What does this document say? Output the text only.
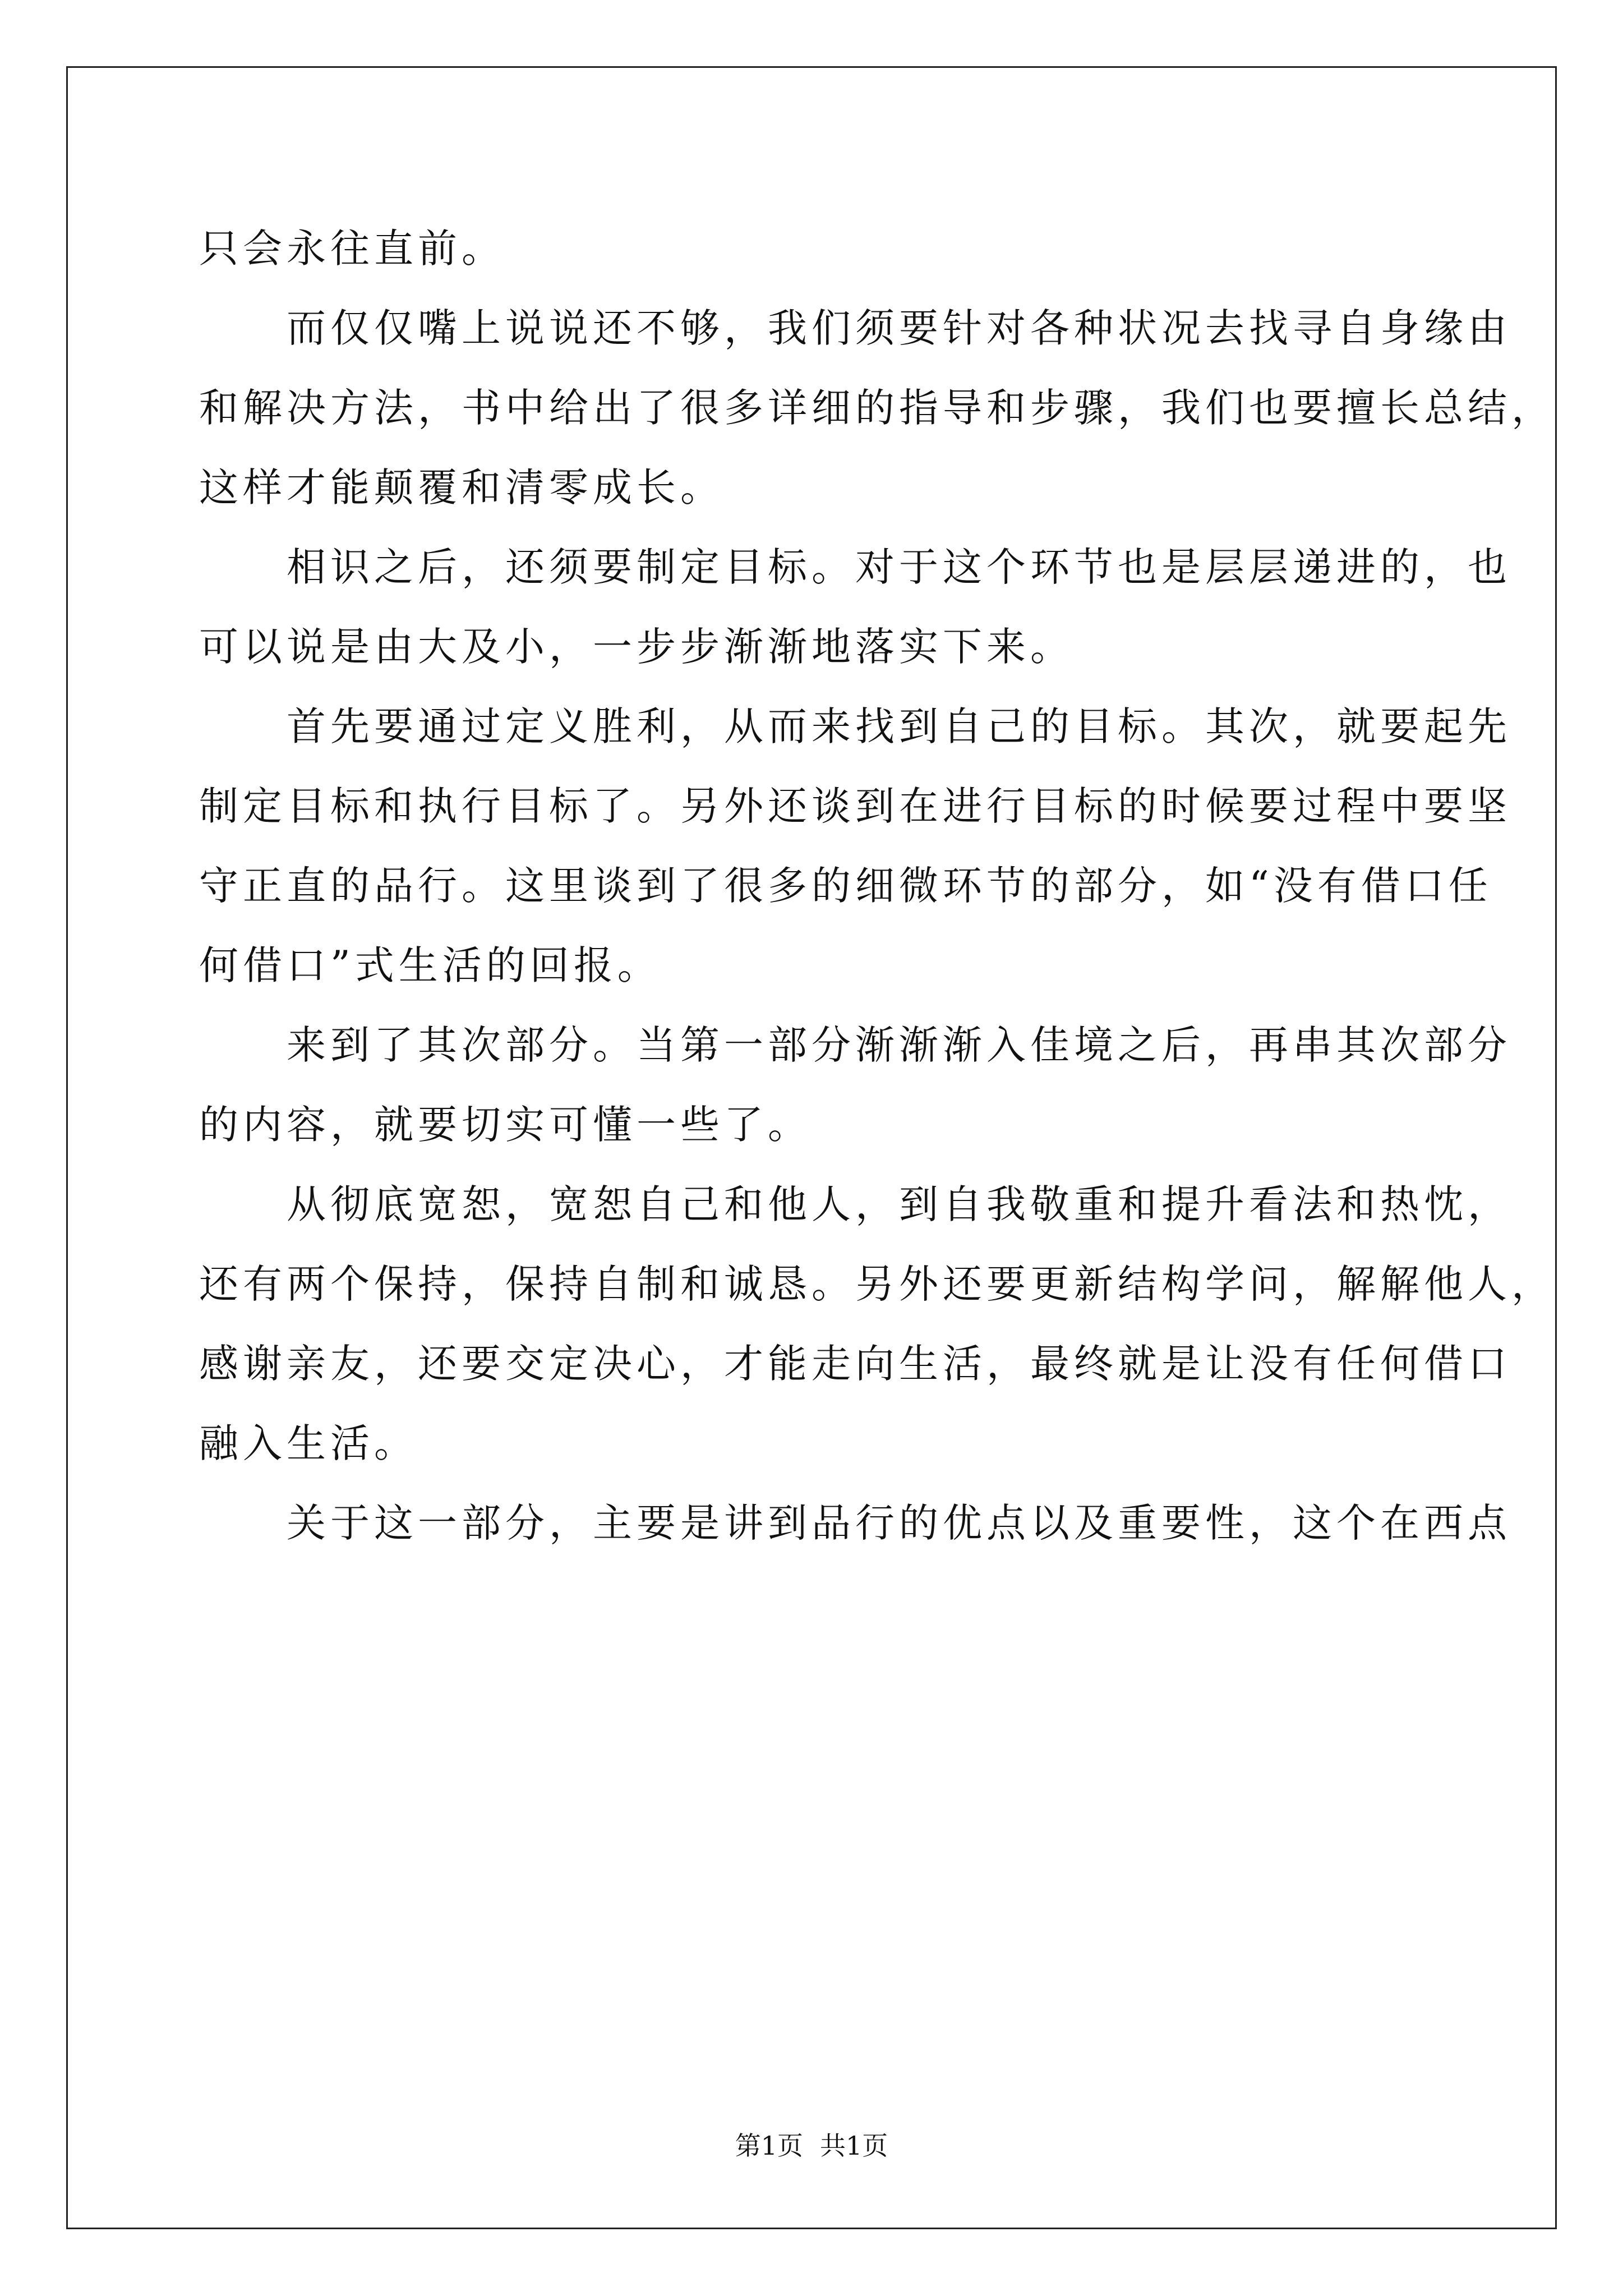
只会永往直前。
　　而仅仅嘴上说说还不够，我们须要针对各种状况去找寻自身缘由
和解决方法，书中给出了很多详细的指导和步骤，我们也要擅长总结，
这样才能颠覆和清零成长。
　　相识之后，还须要制定目标。对于这个环节也是层层递进的，也
可以说是由大及小，一步步渐渐地落实下来。
　　首先要通过定义胜利，从而来找到自己的目标。其次，就要起先
制定目标和执行目标了。另外还谈到在进行目标的时候要过程中要坚
守正直的品行。这里谈到了很多的细微环节的部分，如“没有借口任
何借口”式生活的回报。
　　来到了其次部分。当第一部分渐渐渐入佳境之后，再串其次部分
的内容，就要切实可懂一些了。
　　从彻底宽恕，宽恕自己和他人，到自我敬重和提升看法和热忱，
还有两个保持，保持自制和诚恳。另外还要更新结构学问，解解他人，
感谢亲友，还要交定决心，才能走向生活，最终就是让没有任何借口
融入生活。
　　关于这一部分，主要是讲到品行的优点以及重要性，这个在西点
第1页 共1页
